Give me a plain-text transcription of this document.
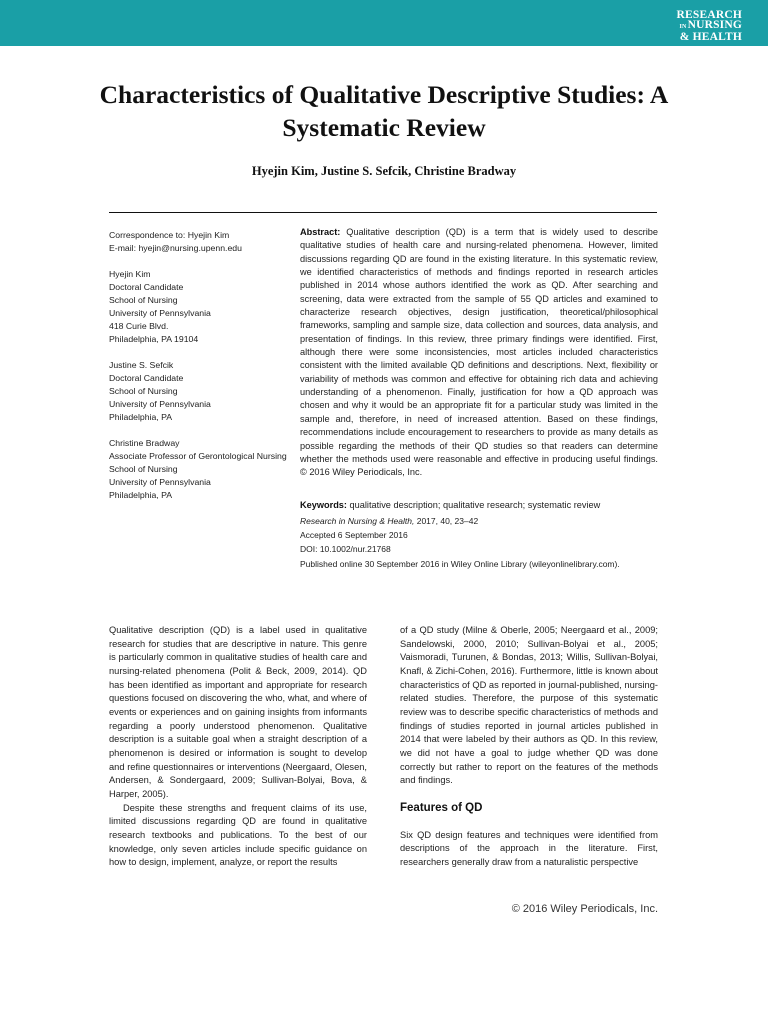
RESEARCH
INNURSING
& HEALTH
Characteristics of Qualitative Descriptive Studies: A Systematic Review
Hyejin Kim, Justine S. Sefcik, Christine Bradway
Correspondence to: Hyejin Kim
E-mail: hyejin@nursing.upenn.edu
Hyejin Kim
Doctoral Candidate
School of Nursing
University of Pennsylvania
418 Curie Blvd.
Philadelphia, PA 19104
Justine S. Sefcik
Doctoral Candidate
School of Nursing
University of Pennsylvania
Philadelphia, PA
Christine Bradway
Associate Professor of Gerontological Nursing
School of Nursing
University of Pennsylvania
Philadelphia, PA
Abstract: Qualitative description (QD) is a term that is widely used to describe qualitative studies of health care and nursing-related phenomena. However, limited discussions regarding QD are found in the existing literature. In this systematic review, we identified characteristics of methods and findings reported in research articles published in 2014 whose authors identified the work as QD. After searching and screening, data were extracted from the sample of 55 QD articles and examined to characterize research objectives, design justification, theoretical/philosophical frameworks, sampling and sample size, data collection and sources, data analysis, and presentation of findings. In this review, three primary findings were identified. First, although there were some inconsistencies, most articles included characteristics consistent with the limited available QD definitions and descriptions. Next, flexibility or variability of methods was common and effective for obtaining rich data and achieving understanding of a phenomenon. Finally, justification for how a QD approach was chosen and why it would be an appropriate fit for a particular study was limited in the sample and, therefore, in need of increased attention. Based on these findings, recommendations include encouragement to researchers to provide as many details as possible regarding the methods of their QD studies so that readers can determine whether the methods used were reasonable and effective in producing useful findings. © 2016 Wiley Periodicals, Inc.
Keywords: qualitative description; qualitative research; systematic review
Research in Nursing & Health, 2017, 40, 23–42
Accepted 6 September 2016
DOI: 10.1002/nur.21768
Published online 30 September 2016 in Wiley Online Library (wileyonlinelibrary.com).

Qualitative description (QD) is a label used in qualitative research for studies that are descriptive in nature. This genre is particularly common in qualitative studies of health care and nursing-related phenomena (Polit & Beck, 2009, 2014). QD has been identified as important and appropriate for research questions focused on discovering the who, what, and where of events or experiences and on gaining insights from informants regarding a poorly understood phenomenon. Qualitative description is a suitable goal when a straight description of a phenomenon is desired or information is sought to develop and refine questionnaires or interventions (Neergaard, Olesen, Andersen, & Sondergaard, 2009; Sullivan-Bolyai, Bova, & Harper, 2005).

Despite these strengths and frequent claims of its use, limited discussions regarding QD are found in qualitative research textbooks and publications. To the best of our knowledge, only seven articles include specific guidance on how to design, implement, analyze, or report the results

of a QD study (Milne & Oberle, 2005; Neergaard et al., 2009; Sandelowski, 2000, 2010; Sullivan-Bolyai et al., 2005; Vaismoradi, Turunen, & Bondas, 2013; Willis, Sullivan-Bolyai, Knafl, & Zichi-Cohen, 2016). Furthermore, little is known about characteristics of QD as reported in journal-published, nursing-related studies. Therefore, the purpose of this systematic review was to describe specific characteristics of methods and findings of studies reported in journal articles published in 2014 that were labeled by their authors as QD. In this review, we did not have a goal to judge whether QD was done correctly but rather to report on the features of the methods and findings.

Features of QD

Six QD design features and techniques were identified from descriptions of the approach in the literature. First, researchers generally draw from a naturalistic perspective

© 2016 Wiley Periodicals, Inc.
